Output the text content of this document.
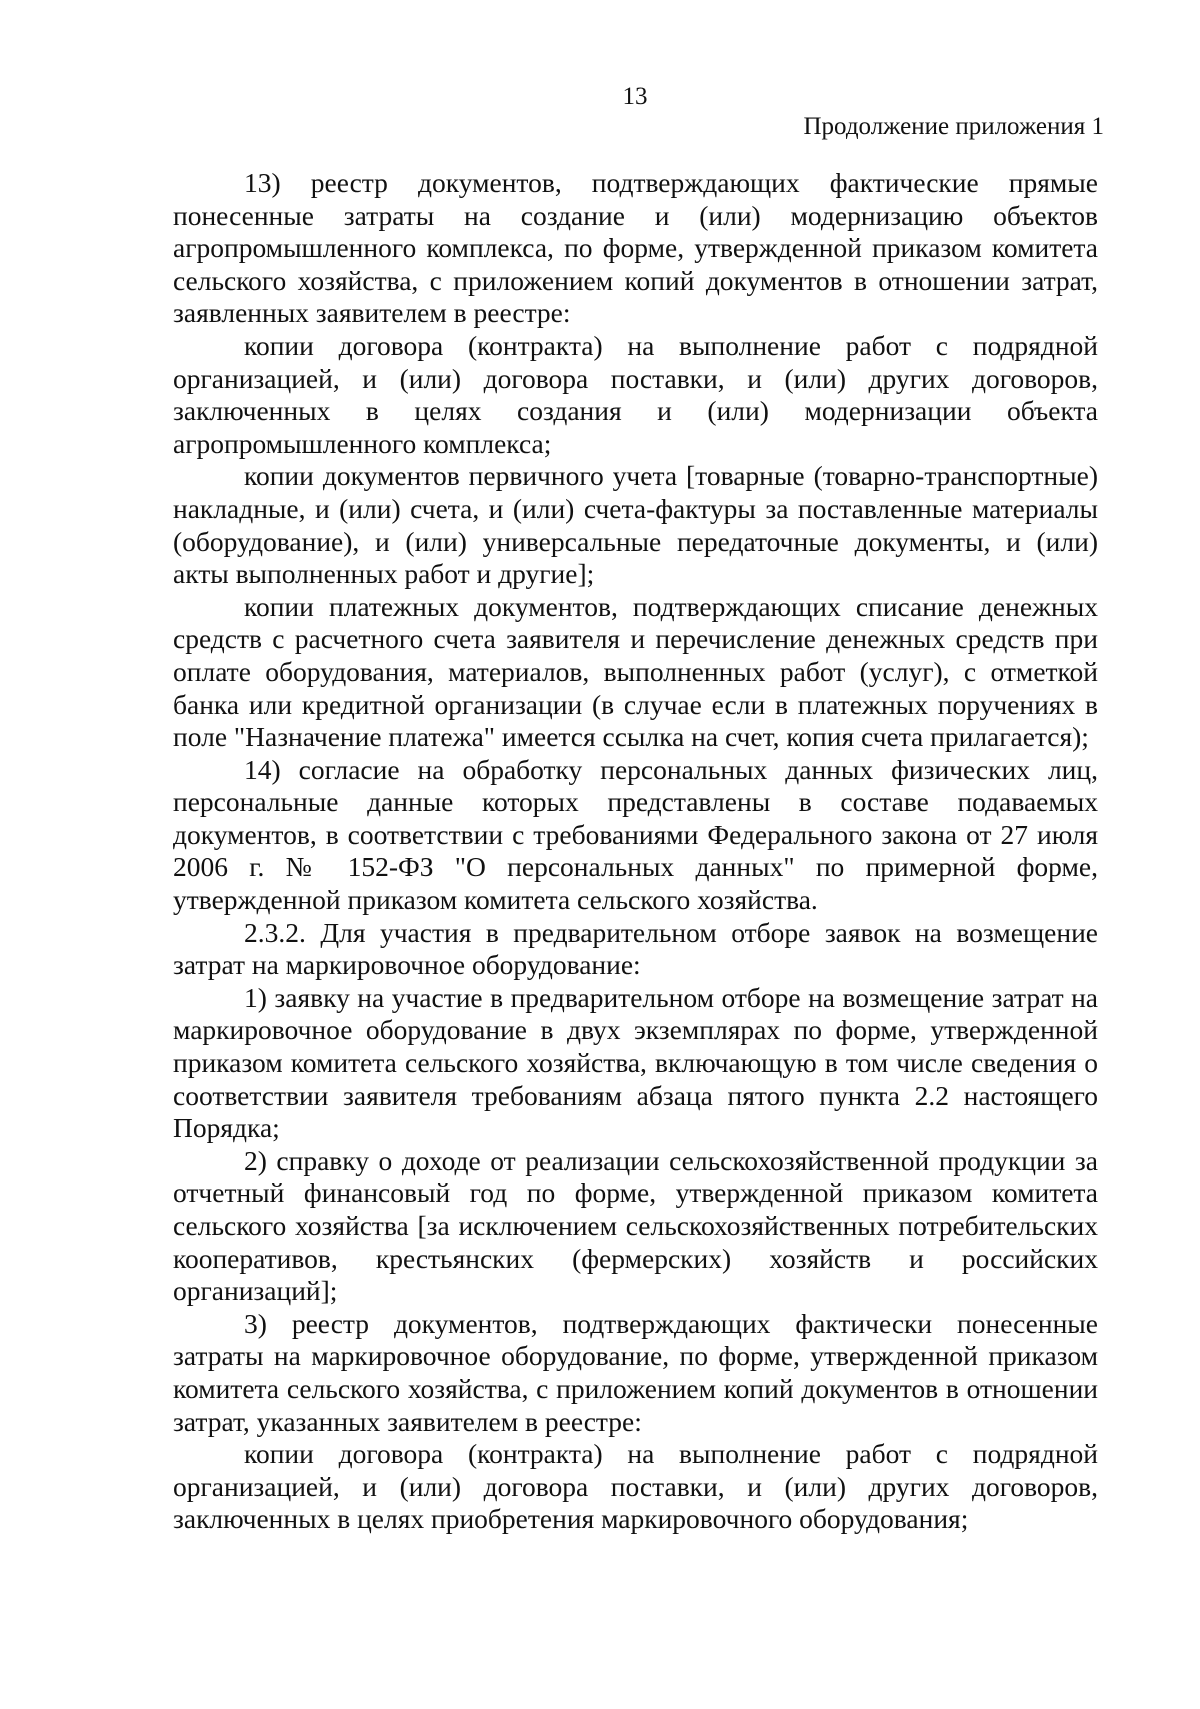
13
Продолжение приложения 1

13) реестр документов, подтверждающих фактические прямые понесенные затраты на создание и (или) модернизацию объектов агропромышленного комплекса, по форме, утвержденной приказом комитета сельского хозяйства, с приложением копий документов в отношении затрат, заявленных заявителем в реестре:

копии договора (контракта) на выполнение работ с подрядной организацией, и (или) договора поставки, и (или) других договоров, заключенных в целях создания и (или) модернизации объекта агропромышленного комплекса;

копии документов первичного учета [товарные (товарно-транспортные) накладные, и (или) счета, и (или) счета-фактуры за поставленные материалы (оборудование), и (или) универсальные передаточные документы, и (или) акты выполненных работ и другие];

копии платежных документов, подтверждающих списание денежных средств с расчетного счета заявителя и перечисление денежных средств при оплате оборудования, материалов, выполненных работ (услуг), с отметкой банка или кредитной организации (в случае если в платежных поручениях в поле "Назначение платежа" имеется ссылка на счет, копия счета прилагается);

14) согласие на обработку персональных данных физических лиц, персональные данные которых представлены в составе подаваемых документов, в соответствии с требованиями Федерального закона от 27 июля 2006 г. № 152-ФЗ "О персональных данных" по примерной форме, утвержденной приказом комитета сельского хозяйства.

2.3.2. Для участия в предварительном отборе заявок на возмещение затрат на маркировочное оборудование:

1) заявку на участие в предварительном отборе на возмещение затрат на маркировочное оборудование в двух экземплярах по форме, утвержденной приказом комитета сельского хозяйства, включающую в том числе сведения о соответствии заявителя требованиям абзаца пятого пункта 2.2 настоящего Порядка;

2) справку о доходе от реализации сельскохозяйственной продукции за отчетный финансовый год по форме, утвержденной приказом комитета сельского хозяйства [за исключением сельскохозяйственных потребительских кооперативов, крестьянских (фермерских) хозяйств и российских организаций];

3) реестр документов, подтверждающих фактически понесенные затраты на маркировочное оборудование, по форме, утвержденной приказом комитета сельского хозяйства, с приложением копий документов в отношении затрат, указанных заявителем в реестре:

копии договора (контракта) на выполнение работ с подрядной организацией, и (или) договора поставки, и (или) других договоров, заключенных в целях приобретения маркировочного оборудования;
